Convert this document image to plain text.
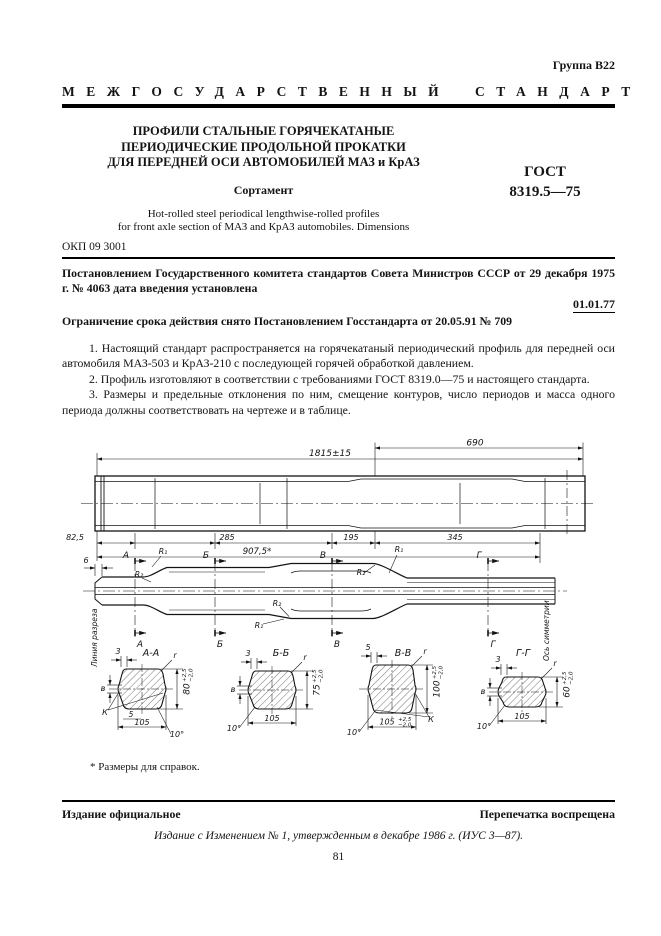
Группа В22
МЕЖГОСУДАРСТВЕННЫЙ СТАНДАРТ
ПРОФИЛИ СТАЛЬНЫЕ ГОРЯЧЕКАТАНЫЕ
ПЕРИОДИЧЕСКИЕ ПРОДОЛЬНОЙ ПРОКАТКИ
ДЛЯ ПЕРЕДНЕЙ ОСИ АВТОМОБИЛЕЙ МАЗ и КрАЗ
Сортамент
Hot-rolled steel periodical lengthwise-rolled profiles
for front axle section of МАЗ and КрАЗ automobiles. Dimensions
ГОСТ
8319.5—75
ОКП 09 3001
Постановлением Государственного комитета стандартов Совета Министров СССР от 29 декабря 1975 г. № 4063 дата введения установлена
01.01.77
Ограничение срока действия снято Постановлением Госстандарта от 20.05.91 № 709

1. Настоящий стандарт распространяется на горячекатаный периодический профиль для передней оси автомобиля МАЗ-503 и КрАЗ-210 с последующей горячей обработкой давлением.

2. Профиль изготовляют в соответствии с требованиями ГОСТ 8319.0—75 и настоящего стандарта.

3. Размеры и предельные отклонения по ним, смещение контуров, число периодов и масса одного периода должны соответствовать на чертеже и в таблице.

1815±15
690
82,5	285	195	345
907,5*
6
R₁
R₂
R₂
R₁
R₂
R₁
А
А
Б
Б
В
В
Г
Г
Линия разреза	Ось симметрии
А-А
3	r
в
К	5
105
10°
80
+2,5 −2,0
Б-Б
3	r
в
105
10°
75
+2,5 −2,0
В-В
5	r
К
105 +2,5
−2,0
10°
100
+2,5 −2,0
Г-Г
3	r
в
105
10°
60
+2,5 −2,0
* Размеры для справок.
Издание официальное	Перепечатка воспрещена
Издание с Изменением № 1, утвержденным в декабре 1986 г. (ИУС 3—87).
81
